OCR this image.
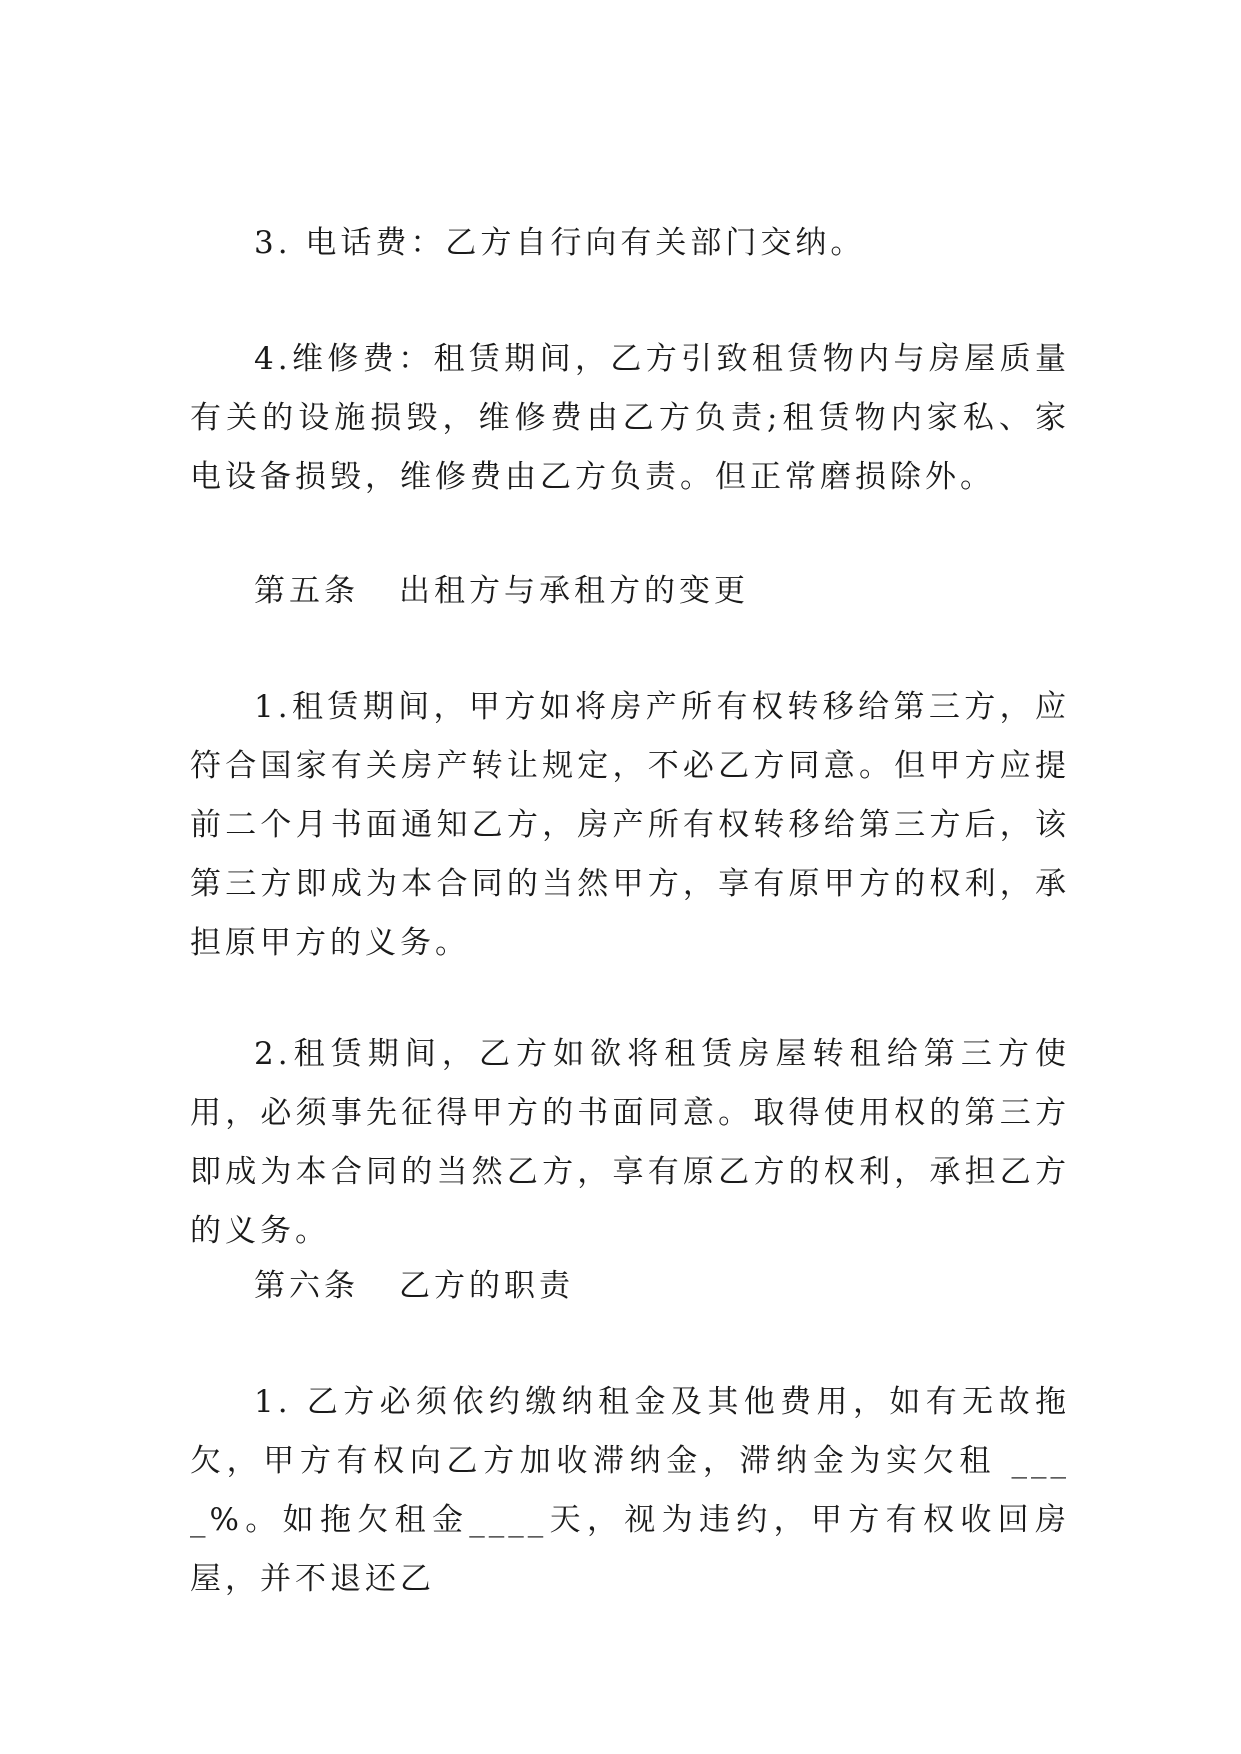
3. 电话费：乙方自行向有关部门交纳。
4.维修费：租赁期间，乙方引致租赁物内与房屋质量有关的设施损毁，维修费由乙方负责;租赁物内家私、家电设备损毁，维修费由乙方负责。但正常磨损除外。
第五条 出租方与承租方的变更
1.租赁期间，甲方如将房产所有权转移给第三方，应符合国家有关房产转让规定，不必乙方同意。但甲方应提前二个月书面通知乙方，房产所有权转移给第三方后，该第三方即成为本合同的当然甲方，享有原甲方的权利，承担原甲方的义务。
2.租赁期间，乙方如欲将租赁房屋转租给第三方使用，必须事先征得甲方的书面同意。取得使用权的第三方即成为本合同的当然乙方，享有原乙方的权利，承担乙方的义务。
第六条 乙方的职责
1. 乙方必须依约缴纳租金及其他费用，如有无故拖欠，甲方有权向乙方加收滞纳金，滞纳金为实欠租 ____%。如拖欠租金____天，视为违约，甲方有权收回房屋，并不退还乙
